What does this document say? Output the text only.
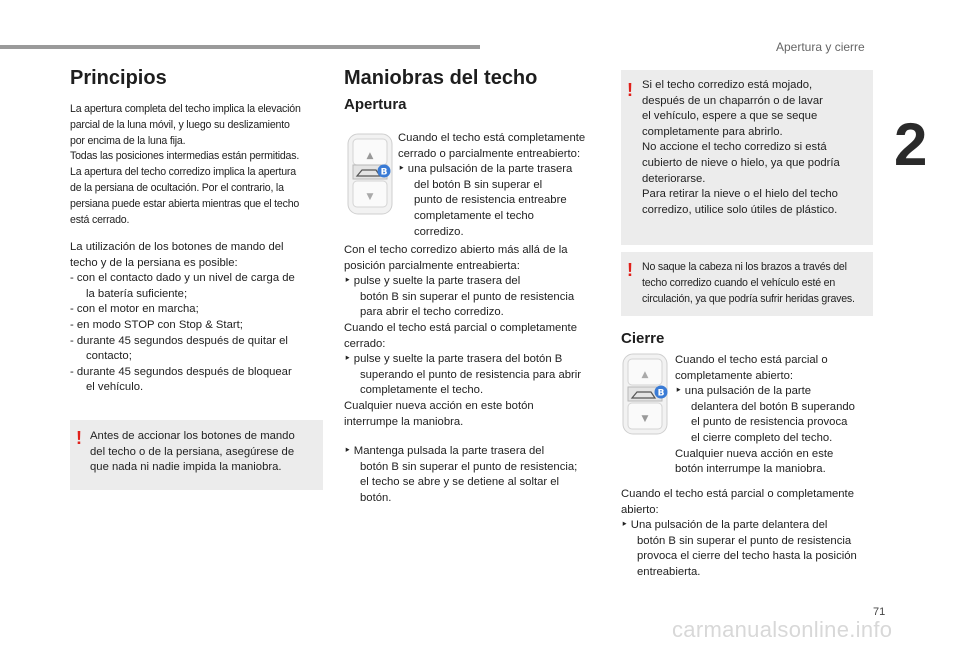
Apertura y cierre
2
Principios
La apertura completa del techo implica la elevación
parcial de la luna móvil, y luego su deslizamiento
por encima de la luna fija.
Todas las posiciones intermedias están permitidas.
La apertura del techo corredizo implica la apertura
de la persiana de ocultación. Por el contrario, la
persiana puede estar abierta mientras que el techo
está cerrado.
La utilización de los botones de mando del
techo y de la persiana es posible:
- con el contacto dado y un nivel de carga de
la batería suficiente;
- con el motor en marcha;
- en modo STOP con Stop & Start;
- durante 45 segundos después de quitar el
contacto;
- durante 45 segundos después de bloquear
el vehículo.
! Antes de accionar los botones de mando
del techo o de la persiana, asegúrese de
que nada ni nadie impida la maniobra.
Maniobras del techo
Apertura
▲
▼
B
Cuando el techo está completamente
cerrado o parcialmente entreabierto:
‣ una pulsación de la parte trasera
del botón B sin superar el
punto de resistencia entreabre
completamente el techo
corredizo.
Con el techo corredizo abierto más allá de la
posición parcialmente entreabierta:
‣ pulse y suelte la parte trasera del
botón B sin superar el punto de resistencia
para abrir el techo corredizo.
Cuando el techo está parcial o completamente
cerrado:
‣ pulse y suelte la parte trasera del botón B
superando el punto de resistencia para abrir
completamente el techo.
Cualquier nueva acción en este botón
interrumpe la maniobra.
‣ Mantenga pulsada la parte trasera del
botón B sin superar el punto de resistencia;
el techo se abre y se detiene al soltar el
botón.
! Si el techo corredizo está mojado,
después de un chaparrón o de lavar
el vehículo, espere a que se seque
completamente para abrirlo.
No accione el techo corredizo si está
cubierto de nieve o hielo, ya que podría
deteriorarse.
Para retirar la nieve o el hielo del techo
corredizo, utilice solo útiles de plástico.
! No saque la cabeza ni los brazos a través del
techo corredizo cuando el vehículo esté en
circulación, ya que podría sufrir heridas graves.
Cierre
▲
▼
B
Cuando el techo está parcial o
completamente abierto:
‣ una pulsación de la parte
delantera del botón B superando
el punto de resistencia provoca
el cierre completo del techo.
Cualquier nueva acción en este
botón interrumpe la maniobra.
Cuando el techo está parcial o completamente
abierto:
‣ Una pulsación de la parte delantera del
botón B sin superar el punto de resistencia
provoca el cierre del techo hasta la posición
entreabierta.
71
carmanualsonline.info
